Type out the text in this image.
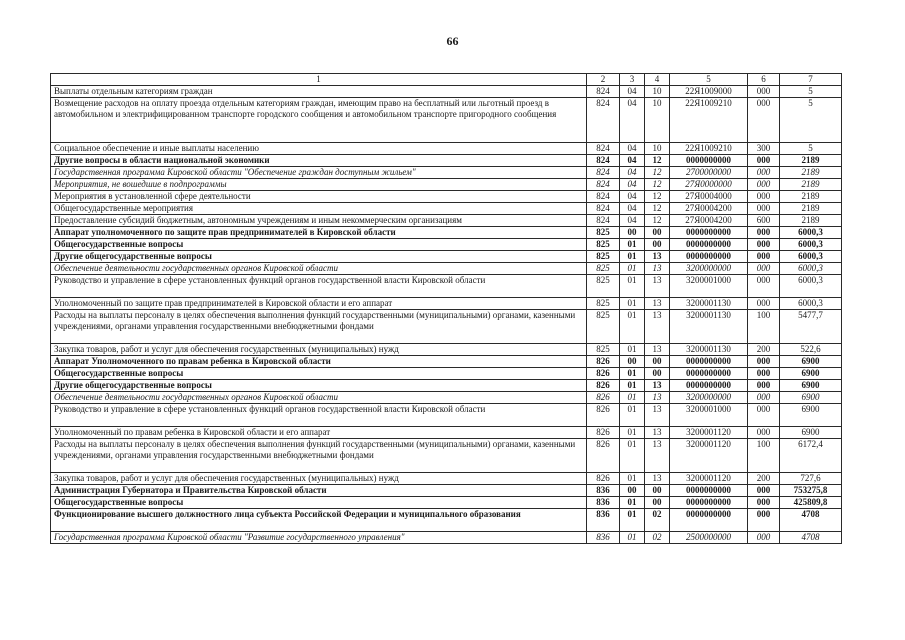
66
1	2	3	4	5	6	7
Выплаты отдельным категориям граждан	824	04	10	22Я1009000	000	5
Возмещение расходов на оплату проезда отдельным категориям граждан, имеющим право на бесплатный или льготный проезд в автомобильном и электрифицированном транспорте городского сообщения и автомобильном транспорте пригородного сообщения	824	04	10	22Я1009210	000	5
Социальное обеспечение и иные выплаты населению	824	04	10	22Я1009210	300	5
Другие вопросы в области национальной экономики	824	04	12	0000000000	000	2189
Государственная программа Кировской области "Обеспечение граждан доступным жильем"	824	04	12	2700000000	000	2189
Мероприятия, не вошедшие в подпрограммы	824	04	12	27Я0000000	000	2189
Мероприятия в установленной сфере деятельности	824	04	12	27Я0004000	000	2189
Общегосударственные мероприятия	824	04	12	27Я0004200	000	2189
Предоставление субсидий бюджетным, автономным учреждениям и иным некоммерческим организациям	824	04	12	27Я0004200	600	2189
Аппарат уполномоченного по защите прав предпринимателей в Кировской области	825	00	00	0000000000	000	6000,3
Общегосударственные вопросы	825	01	00	0000000000	000	6000,3
Другие общегосударственные вопросы	825	01	13	0000000000	000	6000,3
Обеспечение деятельности государственных органов Кировской области	825	01	13	3200000000	000	6000,3
Руководство и управление в сфере установленных функций органов государственной власти Кировской области	825	01	13	3200001000	000	6000,3
Уполномоченный по защите прав предпринимателей в Кировской области и его аппарат	825	01	13	3200001130	000	6000,3
Расходы на выплаты персоналу в целях обеспечения выполнения функций государственными (муниципальными) органами, казенными учреждениями, органами управления государственными внебюджетными фондами	825	01	13	3200001130	100	5477,7
Закупка товаров, работ и услуг для обеспечения государственных (муниципальных) нужд	825	01	13	3200001130	200	522,6
Аппарат Уполномоченного по правам ребенка в Кировской области	826	00	00	0000000000	000	6900
Общегосударственные вопросы	826	01	00	0000000000	000	6900
Другие общегосударственные вопросы	826	01	13	0000000000	000	6900
Обеспечение деятельности государственных органов Кировской области	826	01	13	3200000000	000	6900
Руководство и управление в сфере установленных функций органов государственной власти Кировской области	826	01	13	3200001000	000	6900
Уполномоченный по правам ребенка в Кировской области и его аппарат	826	01	13	3200001120	000	6900
Расходы на выплаты персоналу в целях обеспечения выполнения функций государственными (муниципальными) органами, казенными учреждениями, органами управления государственными внебюджетными фондами	826	01	13	3200001120	100	6172,4
Закупка товаров, работ и услуг для обеспечения государственных (муниципальных) нужд	826	01	13	3200001120	200	727,6
Администрация Губернатора и Правительства Кировской области	836	00	00	0000000000	000	753275,8
Общегосударственные вопросы	836	01	00	0000000000	000	425809,8
Функционирование высшего должностного лица субъекта Российской Федерации и муниципального образования	836	01	02	0000000000	000	4708
Государственная программа Кировской области "Развитие государственного управления"	836	01	02	2500000000	000	4708
